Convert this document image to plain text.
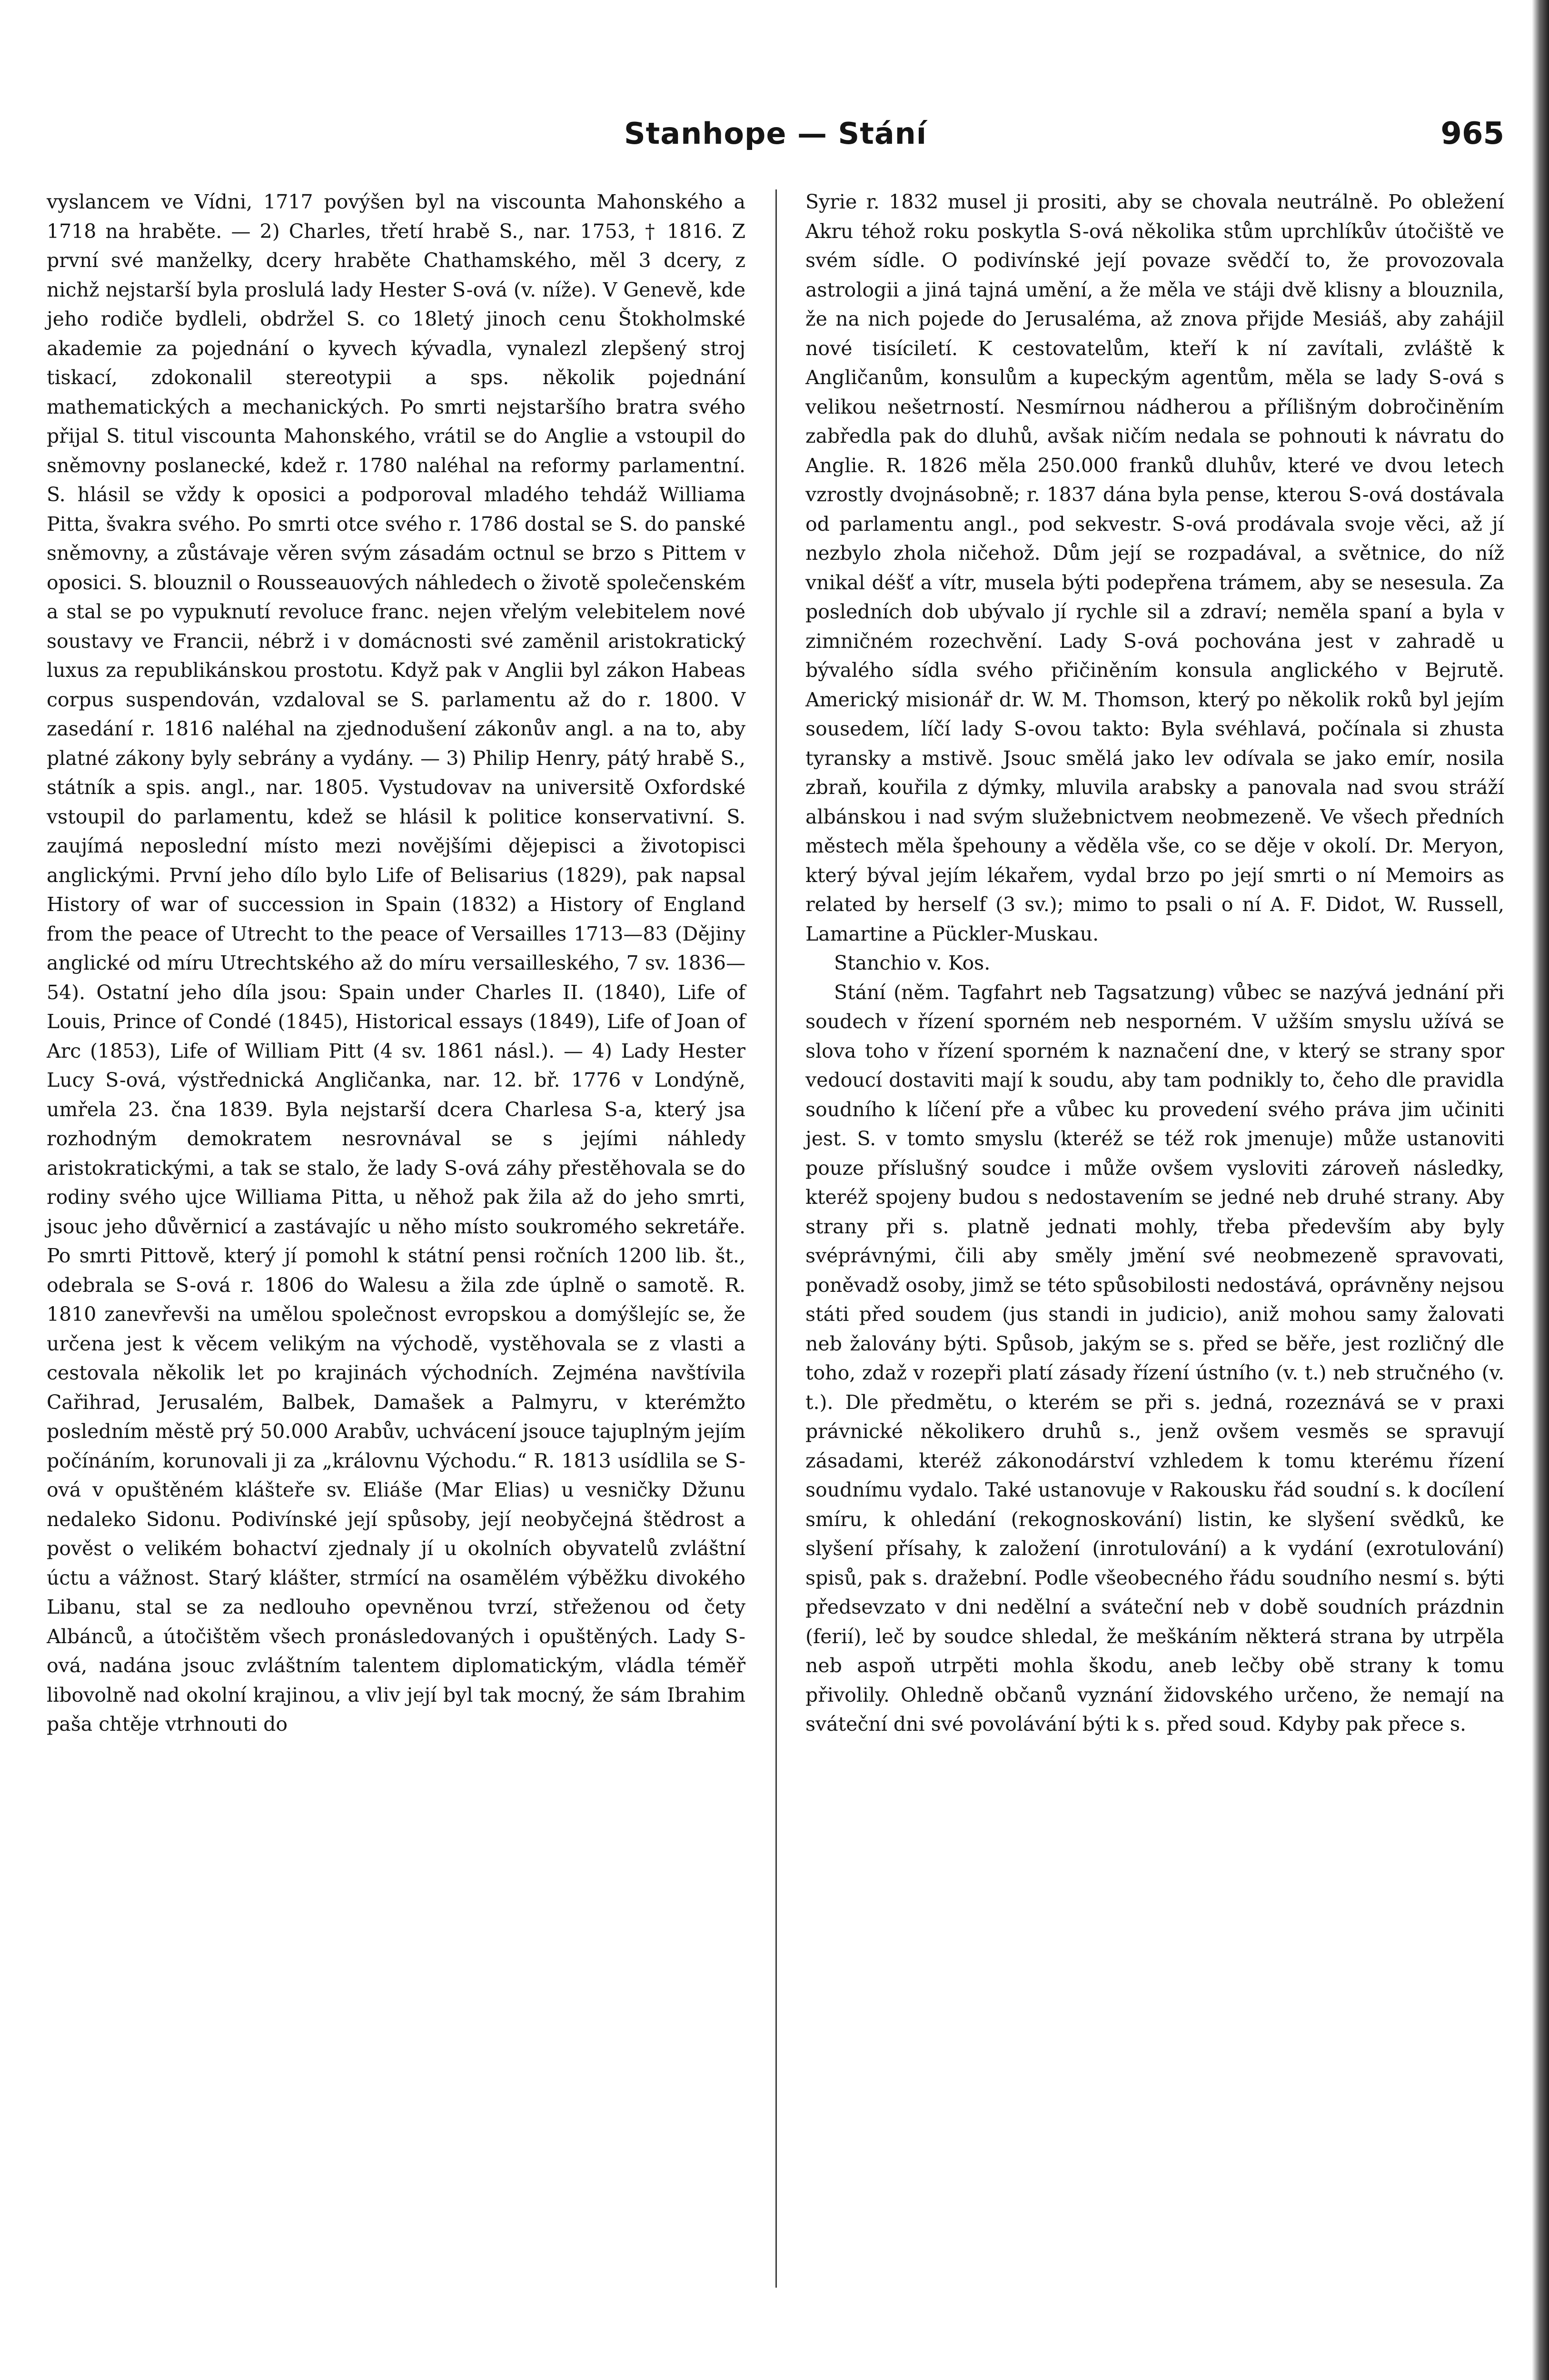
Stanhope — Stání	965

vyslancem ve Vídni, 1717 povýšen byl na viscounta Mahonského a 1718 na hraběte. — 2) Charles, třetí hrabě S., nar. 1753, † 1816. Z první své manželky, dcery hraběte Chathamského, měl 3 dcery, z nichž nejstarší byla proslulá lady Hester S-ová (v. níže). V Genevě, kde jeho rodiče bydleli, obdržel S. co 18letý jinoch cenu Štokholmské akademie za pojednání o kyvech kývadla, vynalezl zlepšený stroj tiskací, zdokonalil stereotypii a sps. několik pojednání mathematických a mechanických. Po smrti nejstaršího bratra svého přijal S. titul viscounta Mahonského, vrátil se do Anglie a vstoupil do sněmovny poslanecké, kdež r. 1780 naléhal na reformy parlamentní. S. hlásil se vždy k oposici a podporoval mladého tehdáž Williama Pitta, švakra svého. Po smrti otce svého r. 1786 dostal se S. do panské sněmovny, a zůstávaje věren svým zásadám octnul se brzo s Pittem v oposici. S. blouznil o Rousseauových náhledech o životě společenském a stal se po vypuknutí revoluce franc. nejen vřelým velebitelem nové soustavy ve Francii, nébrž i v domácnosti své zaměnil aristokratický luxus za republikánskou prostotu. Když pak v Anglii byl zákon Habeas corpus suspendován, vzdaloval se S. parlamentu až do r. 1800. V zasedání r. 1816 naléhal na zjednodušení zákonův angl. a na to, aby platné zákony byly sebrány a vydány. — 3) Philip Henry, pátý hrabě S., státník a spis. angl., nar. 1805. Vystudovav na universitě Oxfordské vstoupil do parlamentu, kdež se hlásil k politice konservativní. S. zaujímá neposlední místo mezi novějšími dějepisci a životopisci anglickými. První jeho dílo bylo Life of Belisarius (1829), pak napsal History of war of succession in Spain (1832) a History of England from the peace of Utrecht to the peace of Versailles 1713—83 (Dějiny anglické od míru Utrechtského až do míru versailleského, 7 sv. 1836—54). Ostatní jeho díla jsou: Spain under Charles II. (1840), Life of Louis, Prince of Condé (1845), Historical essays (1849), Life of Joan of Arc (1853), Life of William Pitt (4 sv. 1861 násl.). — 4) Lady Hester Lucy S-ová, výstřednická Angličanka, nar. 12. bř. 1776 v Londýně, umřela 23. čna 1839. Byla nejstarší dcera Charlesa S-a, který jsa rozhodným demokratem nesrovnával se s jejími náhledy aristokratickými, a tak se stalo, že lady S-ová záhy přestěhovala se do rodiny svého ujce Williama Pitta, u něhož pak žila až do jeho smrti, jsouc jeho důvěrnicí a zastávajíc u něho místo soukromého sekretáře. Po smrti Pittově, který jí pomohl k státní pensi ročních 1200 lib. št., odebrala se S-ová r. 1806 do Walesu a žila zde úplně o samotě. R. 1810 zanevřevši na umělou společnost evropskou a domýšlejíc se, že určena jest k věcem velikým na východě, vystěhovala se z vlasti a cestovala několik let po krajinách východních. Zejména navštívila Cařihrad, Jerusalém, Balbek, Damašek a Palmyru, v kterémžto posledním městě prý 50.000 Arabův, uchvácení jsouce tajuplným jejím počínáním, korunovali ji za „královnu Východu.“ R. 1813 usídlila se S-ová v opuštěném klášteře sv. Eliáše (Mar Elias) u vesničky Džunu nedaleko Sidonu. Podivínské její spůsoby, její neobyčejná štědrost a pověst o velikém bohactví zjednaly jí u okolních obyvatelů zvláštní úctu a vážnost. Starý klášter, strmící na osamělém výběžku divokého Libanu, stal se za nedlouho opevněnou tvrzí, střeženou od čety Albánců, a útočištěm všech pronásledovaných i opuštěných. Lady S-ová, nadána jsouc zvláštním talentem diplomatickým, vládla téměř libovolně nad okolní krajinou, a vliv její byl tak mocný, že sám Ibrahim paša chtěje vtrhnouti do

Syrie r. 1832 musel ji prositi, aby se chovala neutrálně. Po obležení Akru téhož roku poskytla S-ová několika stům uprchlíkův útočiště ve svém sídle. O podivínské její povaze svědčí to, že provozovala astrologii a jiná tajná umění, a že měla ve stáji dvě klisny a blouznila, že na nich pojede do Jerusaléma, až znova přijde Mesiáš, aby zahájil nové tisíciletí. K cestovatelům, kteří k ní zavítali, zvláště k Angličanům, konsulům a kupeckým agentům, měla se lady S-ová s velikou nešetrností. Nesmírnou nádherou a přílišným dobročiněním zabředla pak do dluhů, avšak ničím nedala se pohnouti k návratu do Anglie. R. 1826 měla 250.000 franků dluhův, které ve dvou letech vzrostly dvojnásobně; r. 1837 dána byla pense, kterou S-ová dostávala od parlamentu angl., pod sekvestr. S-ová prodávala svoje věci, až jí nezbylo zhola ničehož. Dům její se rozpadával, a světnice, do níž vnikal déšť a vítr, musela býti podepřena trámem, aby se nesesula. Za posledních dob ubývalo jí rychle sil a zdraví; neměla spaní a byla v zimničném rozechvění. Lady S-ová pochována jest v zahradě u bývalého sídla svého přičiněním konsula anglického v Bejrutě. Americký misionář dr. W. M. Thomson, který po několik roků byl jejím sousedem, líčí lady S-ovou takto: Byla svéhlavá, počínala si zhusta tyransky a mstivě. Jsouc smělá jako lev odívala se jako emír, nosila zbraň, kouřila z dýmky, mluvila arabsky a panovala nad svou stráží albánskou i nad svým služebnictvem neobmezeně. Ve všech předních městech měla špehouny a věděla vše, co se děje v okolí. Dr. Meryon, který býval jejím lékařem, vydal brzo po její smrti o ní Memoirs as related by herself (3 sv.); mimo to psali o ní A. F. Didot, W. Russell, Lamartine a Pückler-Muskau.

Stanchio v. Kos.

Stání (něm. Tagfahrt neb Tagsatzung) vůbec se nazývá jednání při soudech v řízení sporném neb nesporném. V užším smyslu užívá se slova toho v řízení sporném k naznačení dne, v který se strany spor vedoucí dostaviti mají k soudu, aby tam podnikly to, čeho dle pravidla soudního k líčení pře a vůbec ku provedení svého práva jim učiniti jest. S. v tomto smyslu (kteréž se též rok jmenuje) může ustanoviti pouze příslušný soudce i může ovšem vysloviti zároveň následky, kteréž spojeny budou s nedostavením se jedné neb druhé strany. Aby strany při s. platně jednati mohly, třeba především aby byly svéprávnými, čili aby směly jmění své neobmezeně spravovati, poněvadž osoby, jimž se této spůsobilosti nedostává, oprávněny nejsou státi před soudem (jus standi in judicio), aniž mohou samy žalovati neb žalovány býti. Spůsob, jakým se s. před se běře, jest rozličný dle toho, zdaž v rozepři platí zásady řízení ústního (v. t.) neb stručného (v. t.). Dle předmětu, o kterém se při s. jedná, rozeznává se v praxi právnické několikero druhů s., jenž ovšem vesměs se spravují zásadami, kteréž zákonodárství vzhledem k tomu kterému řízení soudnímu vydalo. Také ustanovuje v Rakousku řád soudní s. k docílení smíru, k ohledání (rekognoskování) listin, ke slyšení svědků, ke slyšení přísahy, k založení (inrotulování) a k vydání (exrotulování) spisů, pak s. dražební. Podle všeobecného řádu soudního nesmí s. býti předsevzato v dni nedělní a sváteční neb v době soudních prázdnin (ferií), leč by soudce shledal, že meškáním některá strana by utrpěla neb aspoň utrpěti mohla škodu, aneb lečby obě strany k tomu přivolily. Ohledně občanů vyznání židovského určeno, že nemají na sváteční dni své povolávání býti k s. před soud. Kdyby pak přece s.
